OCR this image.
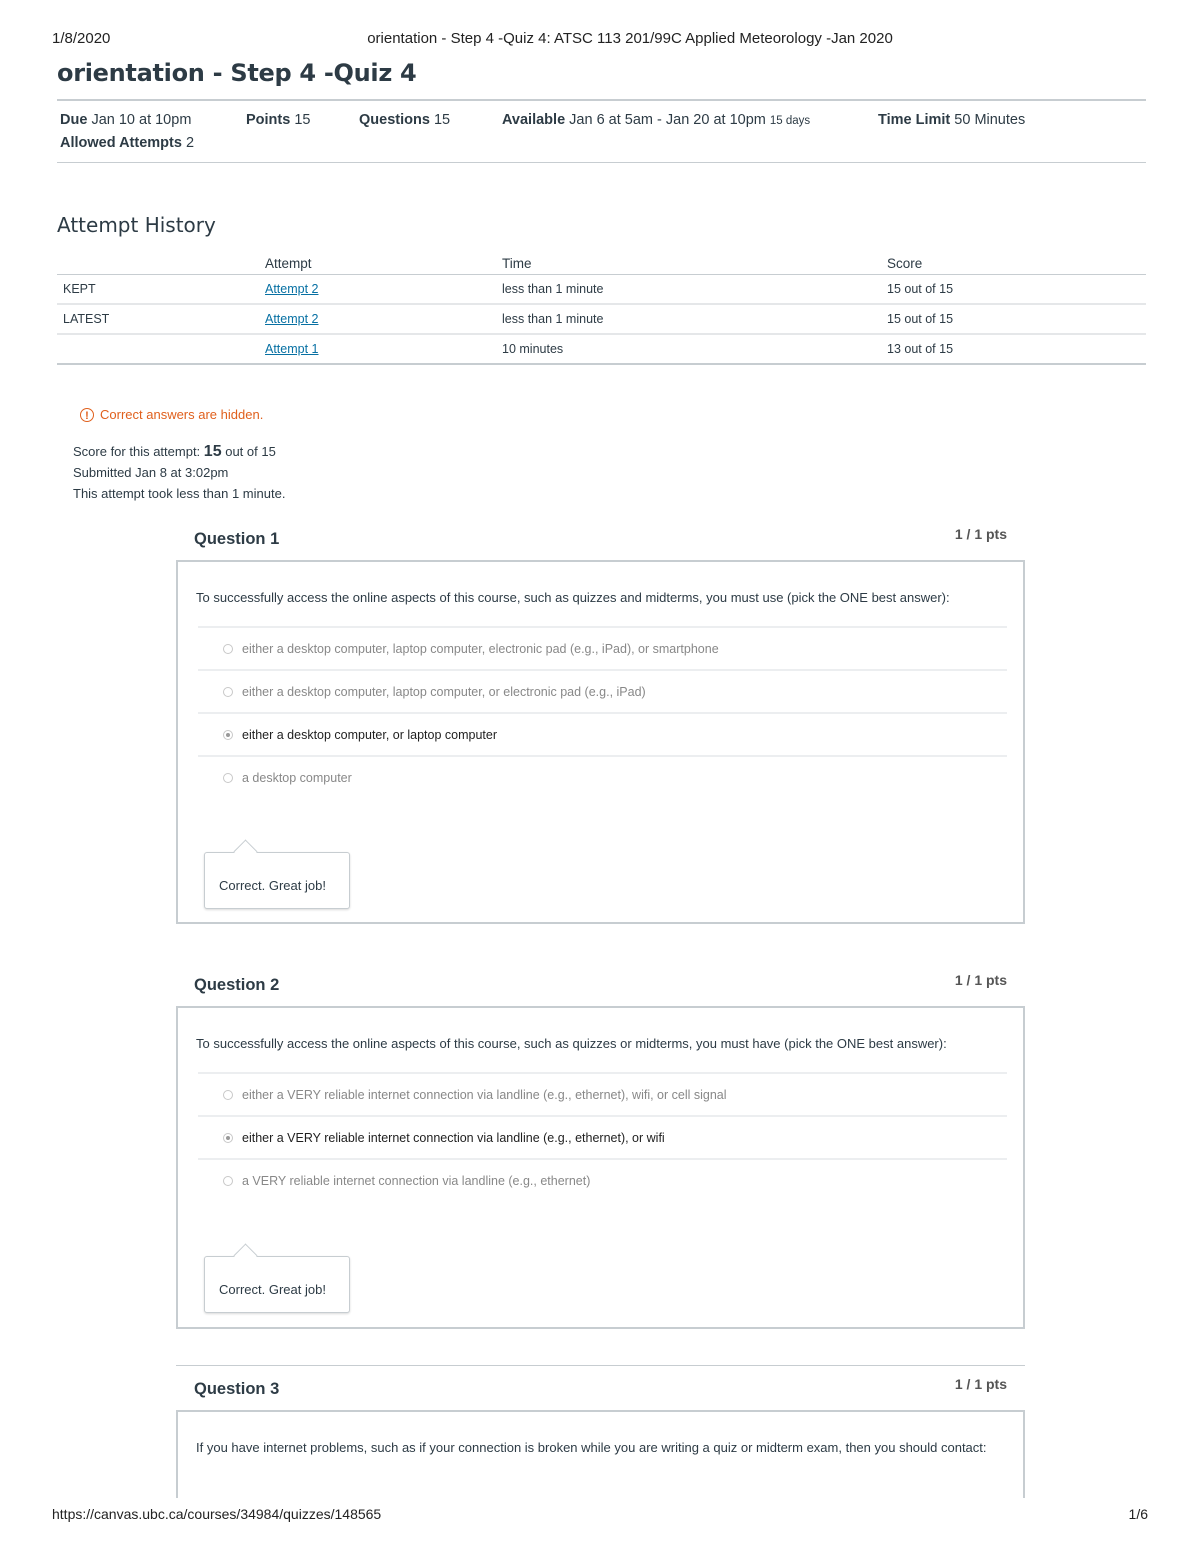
1/8/2020	orientation - Step 4 -Quiz 4: ATSC 113 201/99C Applied Meteorology -Jan 2020
orientation - Step 4 -Quiz 4
Due Jan 10 at 10pm	Points 15	Questions 15	Available Jan 6 at 5am - Jan 20 at 10pm 15 days	Time Limit 50 Minutes
Allowed Attempts 2
Attempt History
	Attempt	Time	Score
KEPT	Attempt 2	less than 1 minute	15 out of 15
LATEST	Attempt 2	less than 1 minute	15 out of 15
	Attempt 1	10 minutes	13 out of 15
! Correct answers are hidden.
Score for this attempt: 15 out of 15
Submitted Jan 8 at 3:02pm
This attempt took less than 1 minute.
Question 1	1 / 1 pts

To successfully access the online aspects of this course, such as quizzes and midterms, you must use (pick the ONE best answer):

either a desktop computer, laptop computer, electronic pad (e.g., iPad), or smartphone
either a desktop computer, laptop computer, or electronic pad (e.g., iPad)
either a desktop computer, or laptop computer
a desktop computer
Correct. Great job!
Question 2	1 / 1 pts

To successfully access the online aspects of this course, such as quizzes or midterms, you must have (pick the ONE best answer):

either a VERY reliable internet connection via landline (e.g., ethernet), wifi, or cell signal
either a VERY reliable internet connection via landline (e.g., ethernet), or wifi
a VERY reliable internet connection via landline (e.g., ethernet)
Correct. Great job!
Question 3	1 / 1 pts

If you have internet problems, such as if your connection is broken while you are writing a quiz or midterm exam, then you should contact:

https://canvas.ubc.ca/courses/34984/quizzes/148565	1/6
